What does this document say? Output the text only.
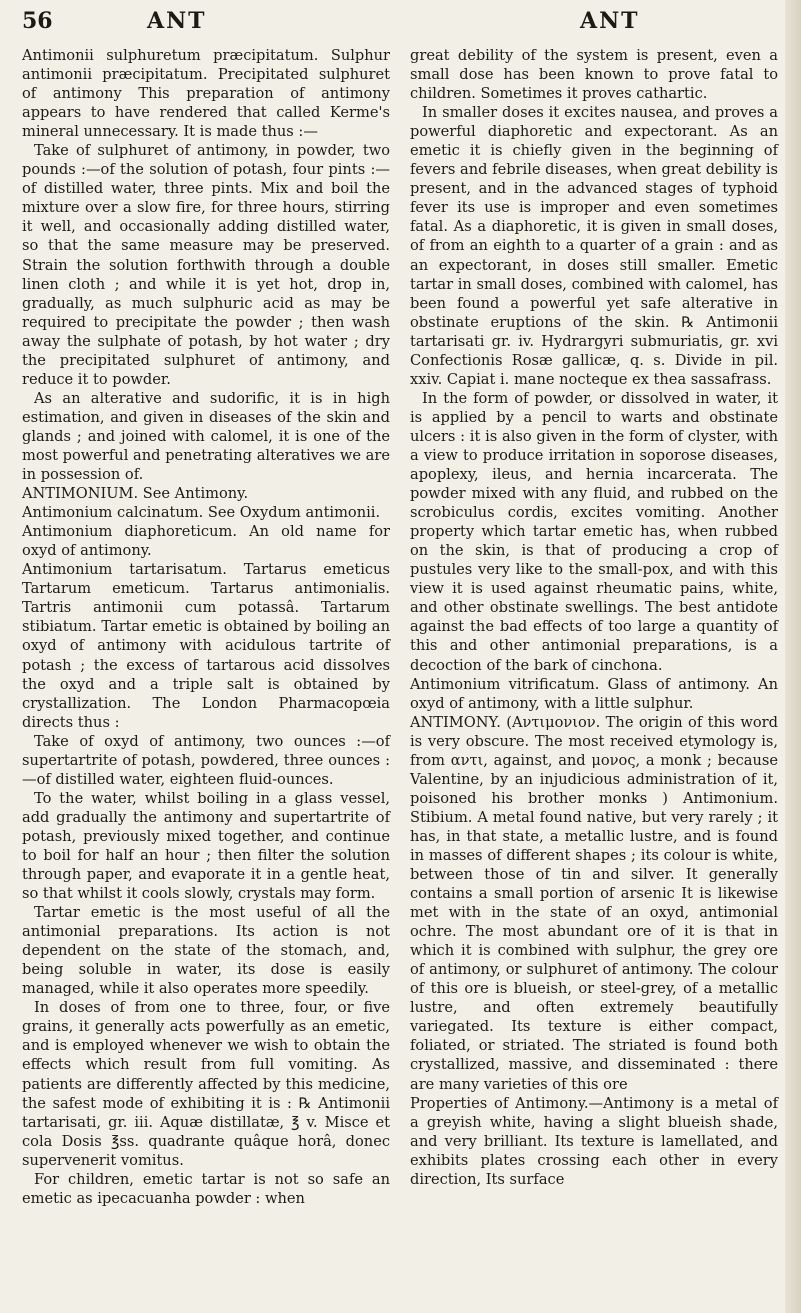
56	ANT	ANT

Antimonii sulphuretum præcipitatum. Sulphur antimonii præcipitatum. Precipitated sulphuret of antimony This preparation of antimony appears to have rendered that called Kerme's mineral unnecessary. It is made thus :—

Take of sulphuret of antimony, in powder, two pounds :—of the solution of potash, four pints :—of distilled water, three pints. Mix and boil the mixture over a slow fire, for three hours, stirring it well, and occasionally adding distilled water, so that the same measure may be preserved. Strain the solution forthwith through a double linen cloth ; and while it is yet hot, drop in, gradually, as much sulphuric acid as may be required to precipitate the powder ; then wash away the sulphate of potash, by hot water ; dry the precipitated sulphuret of antimony, and reduce it to powder.

As an alterative and sudorific, it is in high estimation, and given in diseases of the skin and glands ; and joined with calomel, it is one of the most powerful and penetrating alteratives we are in possession of.

ANTIMONIUM. See Antimony.

Antimonium calcinatum. See Oxydum antimonii.

Antimonium diaphoreticum. An old name for oxyd of antimony.

Antimonium tartarisatum. Tartarus emeticus Tartarum emeticum. Tartarus antimonialis. Tartris antimonii cum potassâ. Tartarum stibiatum. Tartar emetic is obtained by boiling an oxyd of antimony with acidulous tartrite of potash ; the excess of tartarous acid dissolves the oxyd and a triple salt is obtained by crystallization. The London Pharmacopœia directs thus :

Take of oxyd of antimony, two ounces :—of supertartrite of potash, powdered, three ounces :—of distilled water, eighteen fluid-ounces.

To the water, whilst boiling in a glass vessel, add gradually the antimony and supertartrite of potash, previously mixed together, and continue to boil for half an hour ; then filter the solution through paper, and evaporate it in a gentle heat, so that whilst it cools slowly, crystals may form.

Tartar emetic is the most useful of all the antimonial preparations. Its action is not dependent on the state of the stomach, and, being soluble in water, its dose is easily managed, while it also operates more speedily.

In doses of from one to three, four, or five grains, it generally acts powerfully as an emetic, and is employed whenever we wish to obtain the effects which result from full vomiting. As patients are differently affected by this medicine, the safest mode of exhibiting it is : ℞ Antimonii tartarisati, gr. iii. Aquæ distillatæ, ℥ v. Misce et cola Dosis ℥ss. quadrante quâque horâ, donec supervenerit vomitus.

For children, emetic tartar is not so safe an emetic as ipecacuanha powder : when

great debility of the system is present, even a small dose has been known to prove fatal to children. Sometimes it proves cathartic.

In smaller doses it excites nausea, and proves a powerful diaphoretic and expectorant. As an emetic it is chiefly given in the beginning of fevers and febrile diseases, when great debility is present, and in the advanced stages of typhoid fever its use is improper and even sometimes fatal. As a diaphoretic, it is given in small doses, of from an eighth to a quarter of a grain : and as an expectorant, in doses still smaller. Emetic tartar in small doses, combined with calomel, has been found a powerful yet safe alterative in obstinate eruptions of the skin. ℞ Antimonii tartarisati gr. iv. Hydrargyri submuriatis, gr. xvi Confectionis Rosæ gallicæ, q. s. Divide in pil. xxiv. Capiat i. mane nocteque ex thea sassafrass.

In the form of powder, or dissolved in water, it is applied by a pencil to warts and obstinate ulcers : it is also given in the form of clyster, with a view to produce irritation in soporose diseases, apoplexy, ileus, and hernia incarcerata. The powder mixed with any fluid, and rubbed on the scrobiculus cordis, excites vomiting. Another property which tartar emetic has, when rubbed on the skin, is that of producing a crop of pustules very like to the small-pox, and with this view it is used against rheumatic pains, white, and other obstinate swellings. The best antidote against the bad effects of too large a quantity of this and other antimonial preparations, is a decoction of the bark of cinchona.

Antimonium vitrificatum. Glass of antimony. An oxyd of antimony, with a little sulphur.

ANTIMONY. (Αντιμονιον. The origin of this word is very obscure. The most received etymology is, from αντι, against, and μονος, a monk ; because Valentine, by an injudicious administration of it, poisoned his brother monks ) Antimonium. Stibium. A metal found native, but very rarely ; it has, in that state, a metallic lustre, and is found in masses of different shapes ; its colour is white, between those of tin and silver. It generally contains a small portion of arsenic It is likewise met with in the state of an oxyd, antimonial ochre. The most abundant ore of it is that in which it is combined with sulphur, the grey ore of antimony, or sulphuret of antimony. The colour of this ore is blueish, or steel-grey, of a metallic lustre, and often extremely beautifully variegated. Its texture is either compact, foliated, or striated. The striated is found both crystallized, massive, and disseminated : there are many varieties of this ore

Properties of Antimony.—Antimony is a metal of a greyish white, having a slight blueish shade, and very brilliant. Its texture is lamellated, and exhibits plates crossing each other in every direction, Its surface
